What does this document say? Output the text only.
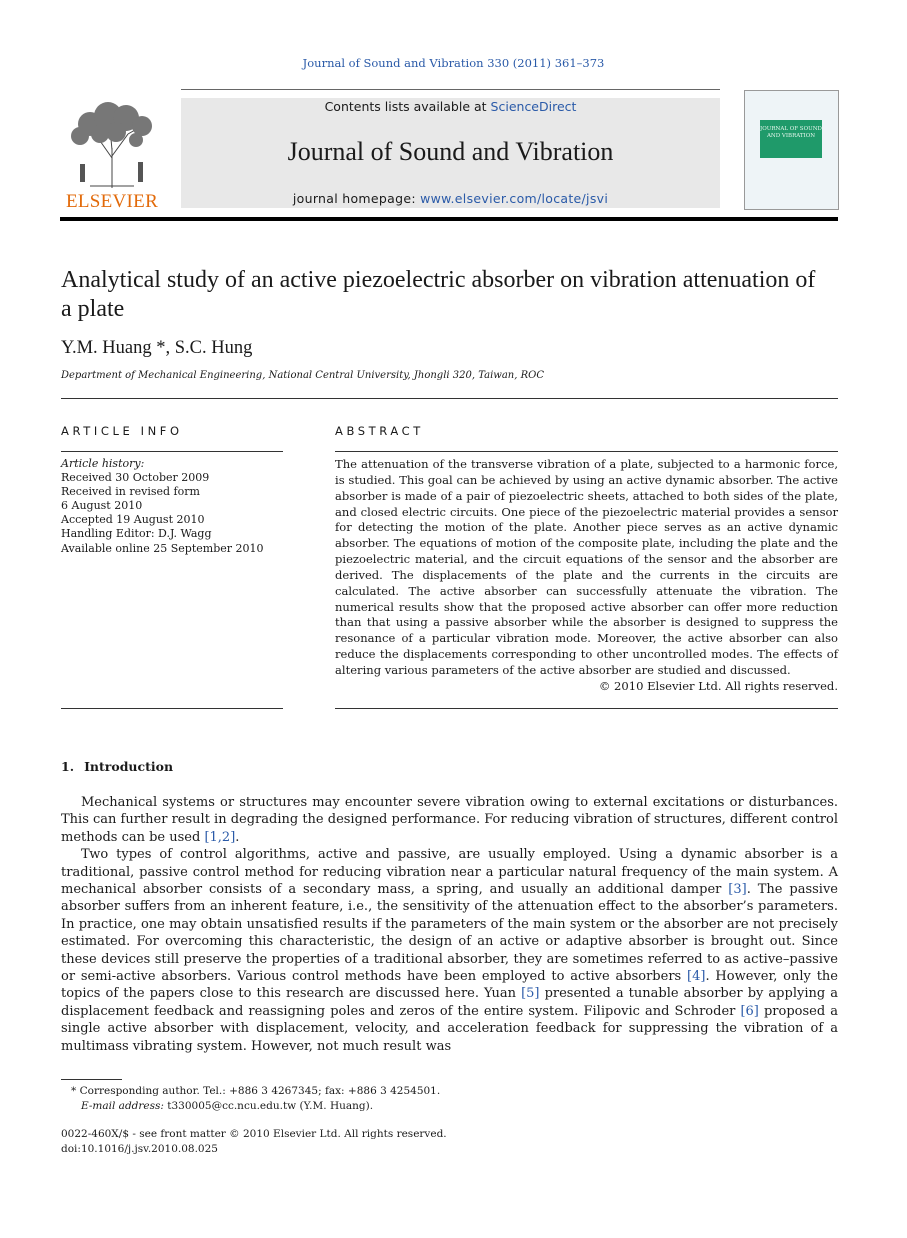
Journal of Sound and Vibration 330 (2011) 361–373
ELSEVIER
Contents lists available at ScienceDirect
Journal of Sound and Vibration
journal homepage: www.elsevier.com/locate/jsvi
JOURNAL OF SOUND AND VIBRATION
Analytical study of an active piezoelectric absorber on vibration attenuation of a plate
Y.M. Huang *, S.C. Hung
Department of Mechanical Engineering, National Central University, Jhongli 320, Taiwan, ROC
ARTICLE INFO
Article history:
Received 30 October 2009
Received in revised form
6 August 2010
Accepted 19 August 2010
Handling Editor: D.J. Wagg
Available online 25 September 2010
ABSTRACT
The attenuation of the transverse vibration of a plate, subjected to a harmonic force, is studied. This goal can be achieved by using an active dynamic absorber. The active absorber is made of a pair of piezoelectric sheets, attached to both sides of the plate, and closed electric circuits. One piece of the piezoelectric material provides a sensor for detecting the motion of the plate. Another piece serves as an active dynamic absorber. The equations of motion of the composite plate, including the plate and the piezoelectric material, and the circuit equations of the sensor and the absorber are derived. The displacements of the plate and the currents in the circuits are calculated. The active absorber can successfully attenuate the vibration. The numerical results show that the proposed active absorber can offer more reduction than that using a passive absorber while the absorber is designed to suppress the resonance of a particular vibration mode. Moreover, the active absorber can also reduce the displacements corresponding to other uncontrolled modes. The effects of altering various parameters of the active absorber are studied and discussed.
© 2010 Elsevier Ltd. All rights reserved.
1. Introduction

Mechanical systems or structures may encounter severe vibration owing to external excitations or disturbances. This can further result in degrading the designed performance. For reducing vibration of structures, different control methods can be used [1,2].

Two types of control algorithms, active and passive, are usually employed. Using a dynamic absorber is a traditional, passive control method for reducing vibration near a particular natural frequency of the main system. A mechanical absorber consists of a secondary mass, a spring, and usually an additional damper [3]. The passive absorber suffers from an inherent feature, i.e., the sensitivity of the attenuation effect to the absorber’s parameters. In practice, one may obtain unsatisfied results if the parameters of the main system or the absorber are not precisely estimated. For overcoming this characteristic, the design of an active or adaptive absorber is brought out. Since these devices still preserve the properties of a traditional absorber, they are sometimes referred to as active–passive or semi-active absorbers. Various control methods have been employed to active absorbers [4]. However, only the topics of the papers close to this research are discussed here. Yuan [5] presented a tunable absorber by applying a displacement feedback and reassigning poles and zeros of the entire system. Filipovic and Schroder [6] proposed a single active absorber with displacement, velocity, and acceleration feedback for suppressing the vibration of a multimass vibrating system. However, not much result was

* Corresponding author. Tel.: +886 3 4267345; fax: +886 3 4254501.
E-mail address: t330005@cc.ncu.edu.tw (Y.M. Huang).
0022-460X/$ - see front matter © 2010 Elsevier Ltd. All rights reserved.
doi:10.1016/j.jsv.2010.08.025
